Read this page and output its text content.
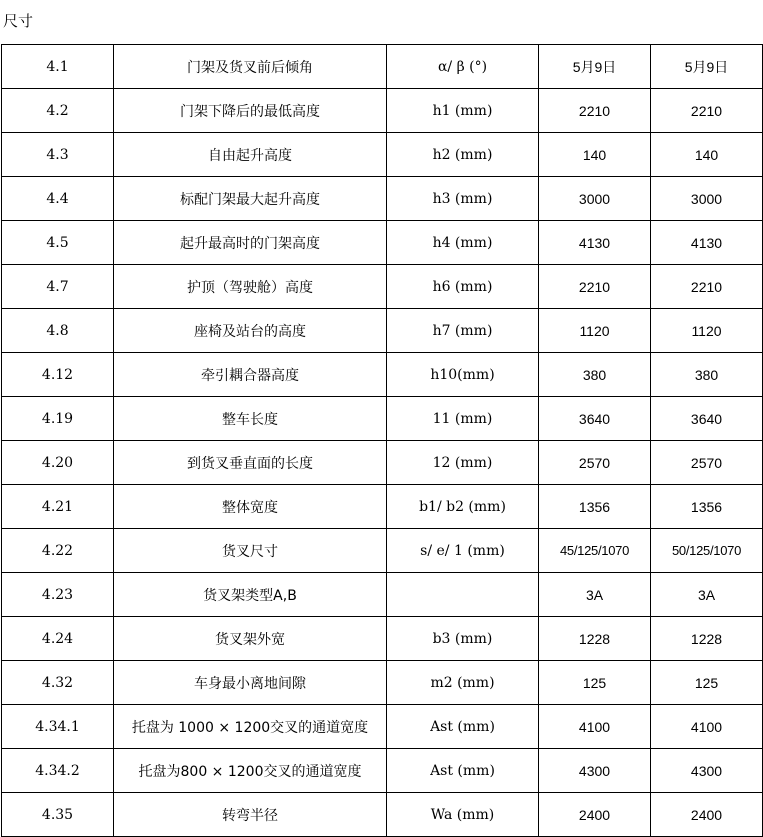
尺寸
4.1	门架及货叉前后倾角	α/ β (°)	5月9日	5月9日
4.2	门架下降后的最低高度	h1 (mm)	2210	2210
4.3	自由起升高度	h2 (mm)	140	140
4.4	标配门架最大起升高度	h3 (mm)	3000	3000
4.5	起升最高时的门架高度	h4 (mm)	4130	4130
4.7	护顶（驾驶舱）高度	h6 (mm)	2210	2210
4.8	座椅及站台的高度	h7 (mm)	1120	1120
4.12	牵引耦合器高度	h10(mm)	380	380
4.19	整车长度	11 (mm)	3640	3640
4.20	到货叉垂直面的长度	12 (mm)	2570	2570
4.21	整体宽度	b1/ b2 (mm)	1356	1356
4.22	货叉尺寸	s/ e/ 1 (mm)	45/125/1070	50/125/1070
4.23	货叉架类型A,B		3A	3A
4.24	货叉架外宽	b3 (mm)	1228	1228
4.32	车身最小离地间隙	m2 (mm)	125	125
4.34.1	托盘为 1000 × 1200交叉的通道宽度	Ast (mm)	4100	4100
4.34.2	托盘为800 × 1200交叉的通道宽度	Ast (mm)	4300	4300
4.35	转弯半径	Wa (mm)	2400	2400
